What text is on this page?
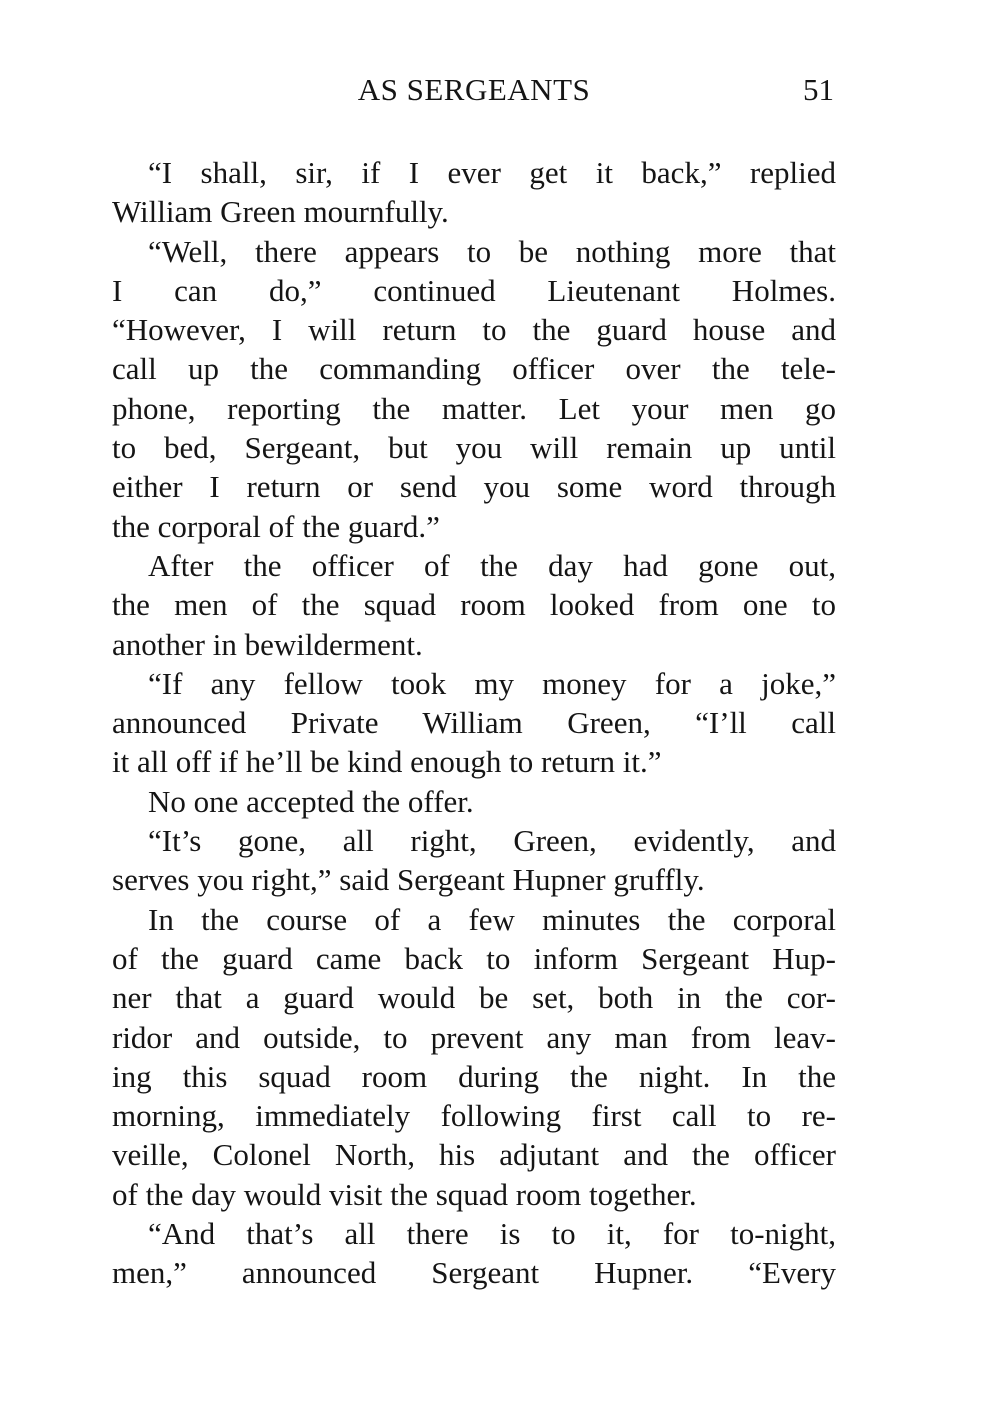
AS SERGEANTS	51
“I shall, sir, if I ever get it back,” replied
William Green mournfully.
“Well, there appears to be nothing more that
I can do,” continued Lieutenant Holmes.
“However, I will return to the guard house and
call up the commanding officer over the tele-
phone, reporting the matter. Let your men go
to bed, Sergeant, but you will remain up until
either I return or send you some word through
the corporal of the guard.”
After the officer of the day had gone out,
the men of the squad room looked from one to
another in bewilderment.
“If any fellow took my money for a joke,”
announced Private William Green, “I’ll call
it all off if he’ll be kind enough to return it.”
No one accepted the offer.
“It’s gone, all right, Green, evidently, and
serves you right,” said Sergeant Hupner gruffly.
In the course of a few minutes the corporal
of the guard came back to inform Sergeant Hup-
ner that a guard would be set, both in the cor-
ridor and outside, to prevent any man from leav-
ing this squad room during the night. In the
morning, immediately following first call to re-
veille, Colonel North, his adjutant and the officer
of the day would visit the squad room together.
“And that’s all there is to it, for to-night,
men,” announced Sergeant Hupner. “Every
